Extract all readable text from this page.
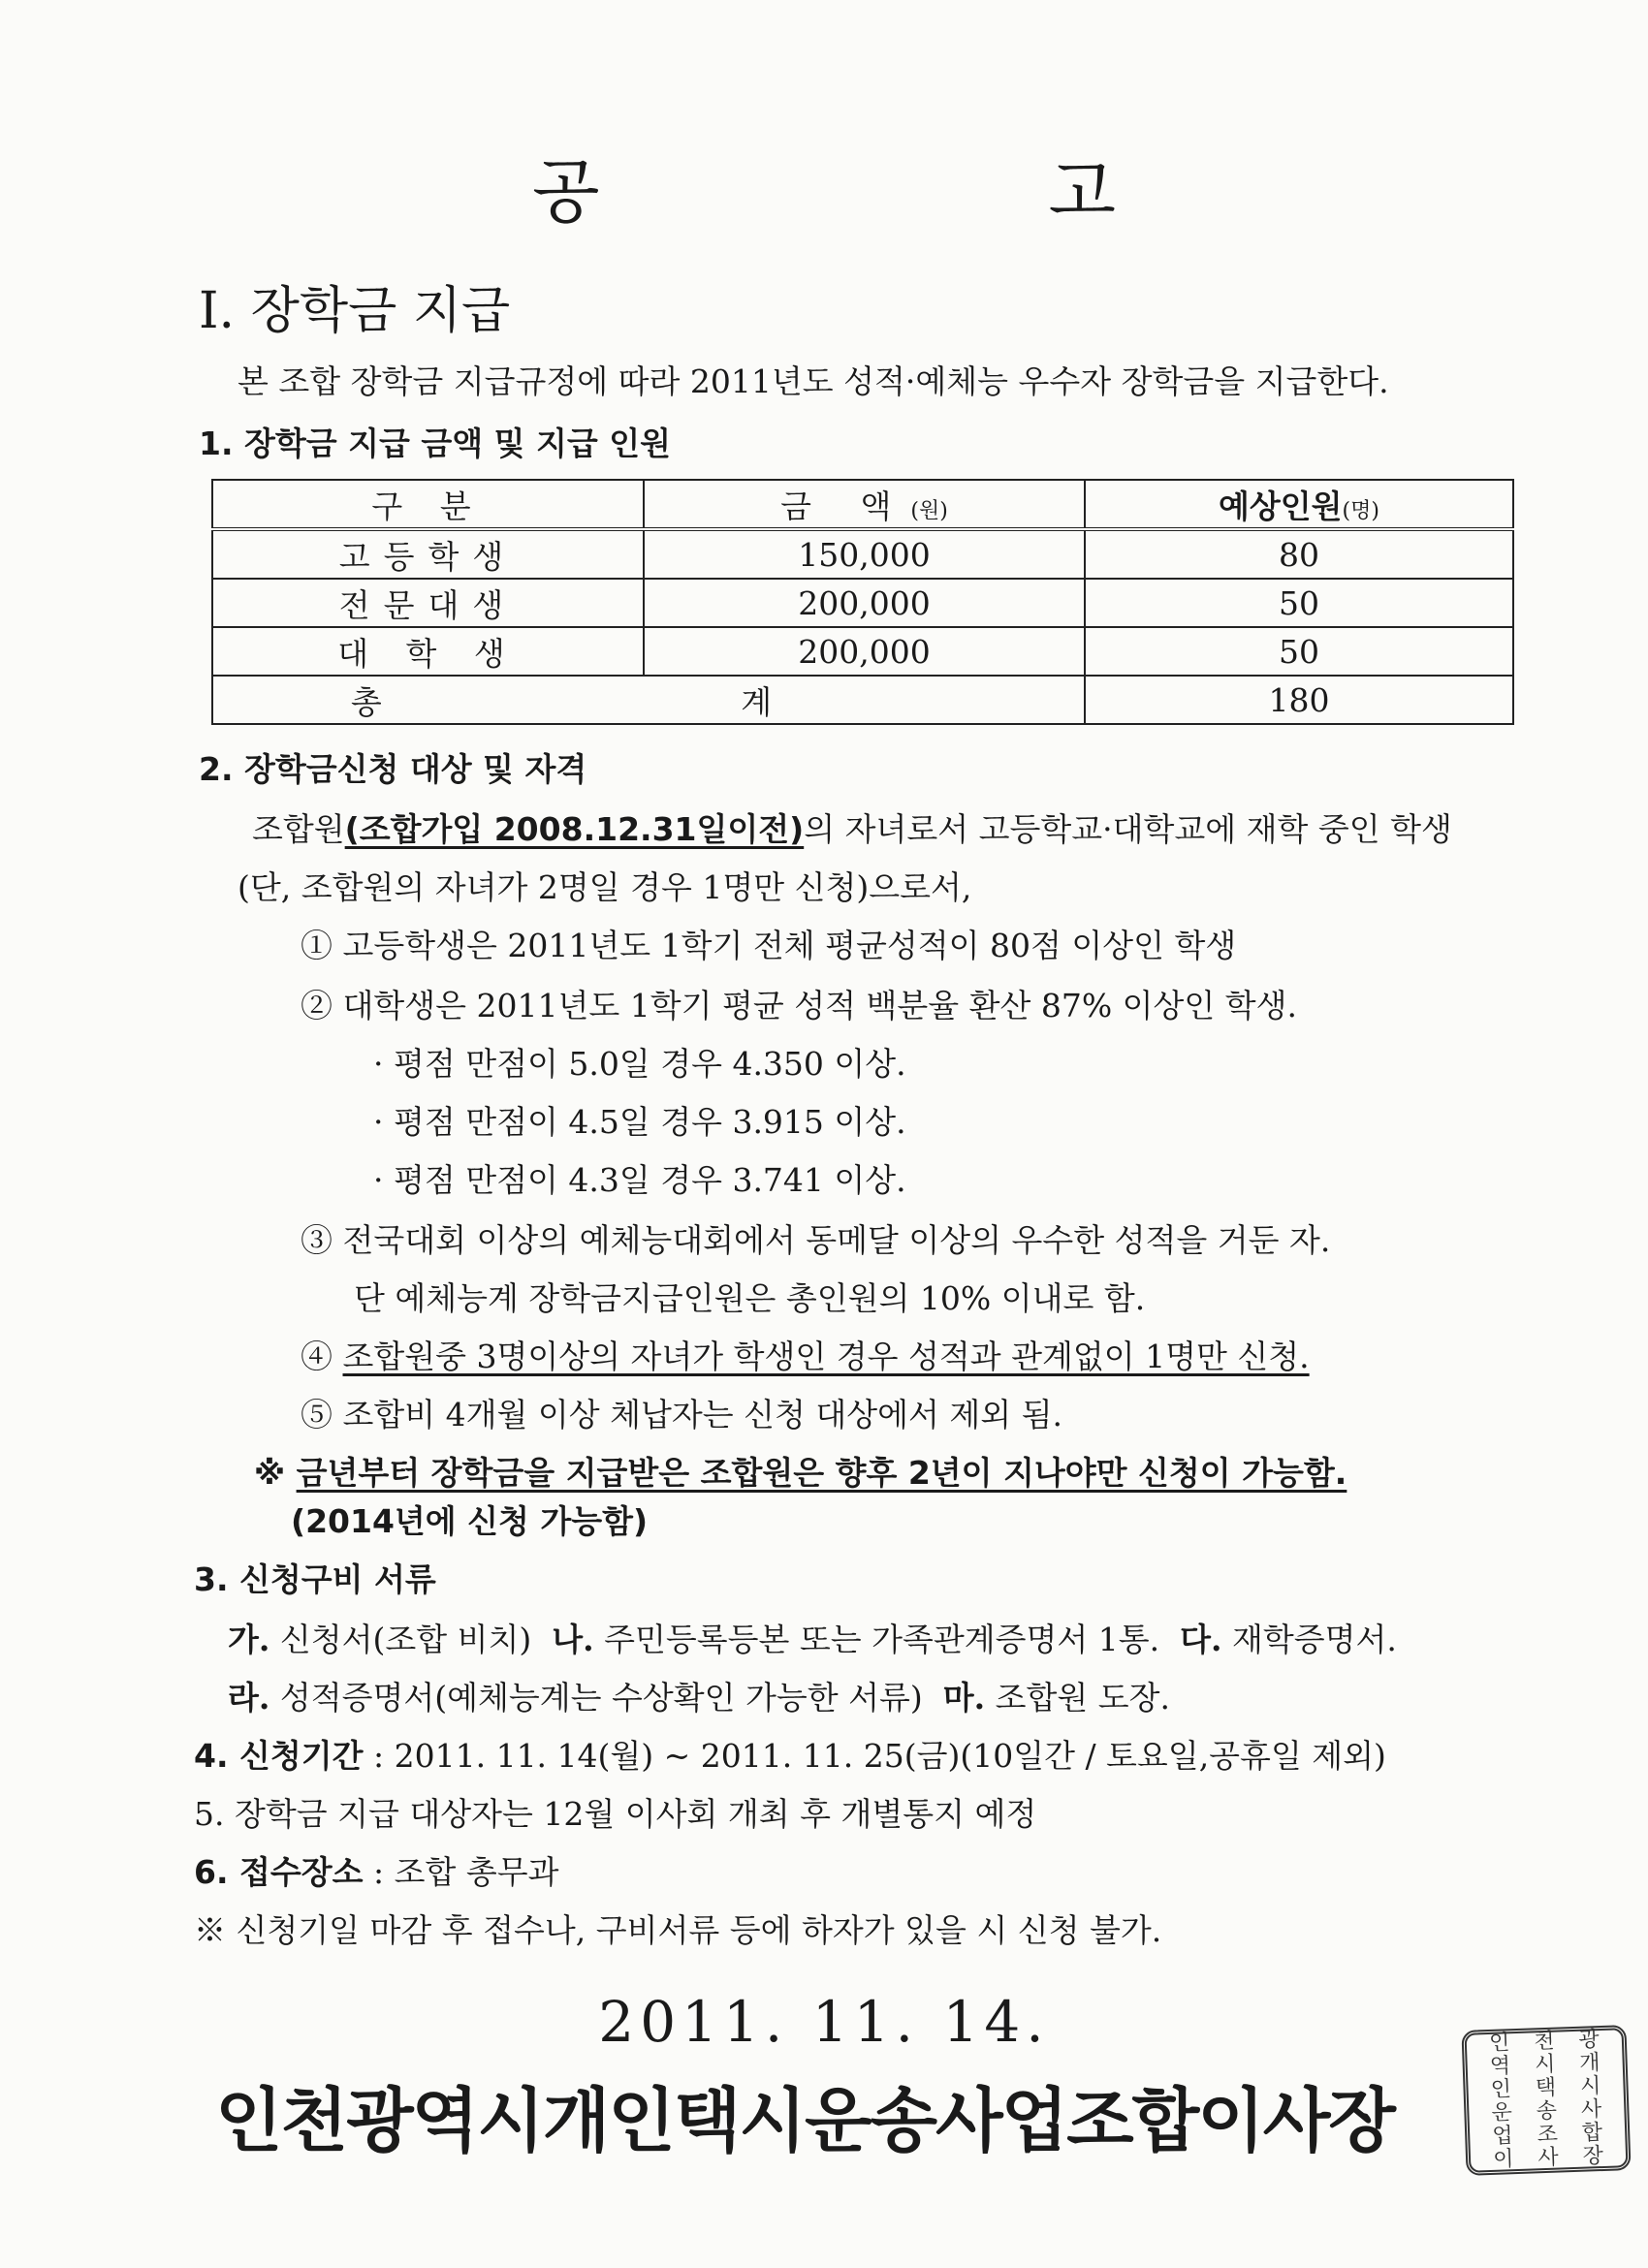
공 고
I. 장학금 지급
본 조합 장학금 지급규정에 따라 2011년도 성적·예체능 우수자 장학금을 지급한다.
1. 장학금 지급 금액 및 지급 인원
구 분	금 액(원)	예상인원(명)
고등학생	150,000	80
전문대생	200,000	50
대 학 생	200,000	50
총 계		180
2. 장학금신청 대상 및 자격
조합원(조합가입 2008.12.31일이전)의 자녀로서 고등학교·대학교에 재학 중인 학생
(단, 조합원의 자녀가 2명일 경우 1명만 신청)으로서,
① 고등학생은 2011년도 1학기 전체 평균성적이 80점 이상인 학생
② 대학생은 2011년도 1학기 평균 성적 백분율 환산 87% 이상인 학생.
· 평점 만점이 5.0일 경우 4.350 이상.
· 평점 만점이 4.5일 경우 3.915 이상.
· 평점 만점이 4.3일 경우 3.741 이상.
③ 전국대회 이상의 예체능대회에서 동메달 이상의 우수한 성적을 거둔 자.
단 예체능계 장학금지급인원은 총인원의 10% 이내로 함.
④ 조합원중 3명이상의 자녀가 학생인 경우 성적과 관계없이 1명만 신청.
⑤ 조합비 4개월 이상 체납자는 신청 대상에서 제외 됨.
※ 금년부터 장학금을 지급받은 조합원은 향후 2년이 지나야만 신청이 가능함.
(2014년에 신청 가능함)
3. 신청구비 서류
가. 신청서(조합 비치) 나. 주민등록등본 또는 가족관계증명서 1통. 다. 재학증명서.
라. 성적증명서(예체능계는 수상확인 가능한 서류) 마. 조합원 도장.
4. 신청기간 : 2011. 11. 14(월) ~ 2011. 11. 25(금)(10일간 / 토요일,공휴일 제외)
5. 장학금 지급 대상자는 12월 이사회 개최 후 개별통지 예정
6. 접수장소 : 조합 총무과
※ 신청기일 마감 후 접수나, 구비서류 등에 하자가 있을 시 신청 불가.
2011. 11. 14.
인천광역시개인택시운송사업조합이사장
인	천	광
역	시	개
인	택	시
운	송	사
업	조	합
이	사	장
